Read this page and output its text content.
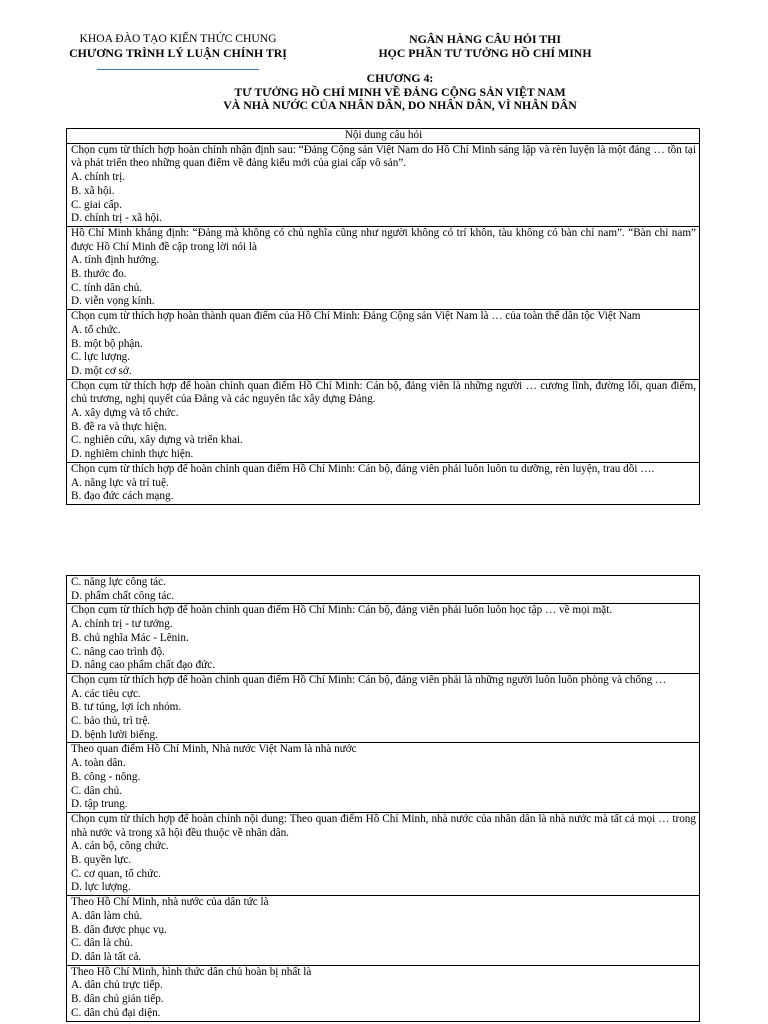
KHOA ĐÀO TẠO KIẾN THỨC CHUNG
CHƯƠNG TRÌNH LÝ LUẬN CHÍNH TRỊ
NGÂN HÀNG CÂU HỎI THI
HỌC PHẦN TƯ TƯỞNG HỒ CHÍ MINH
CHƯƠNG 4:
TƯ TƯỞNG HỒ CHÍ MINH VỀ ĐẢNG CỘNG SẢN VIỆT NAM
VÀ NHÀ NƯỚC CỦA NHÂN DÂN, DO NHÂN DÂN, VÌ NHÂN DÂN
Nội dung câu hỏi

Chọn cụm từ thích hợp hoàn chỉnh nhận định sau: “Đảng Cộng sản Việt Nam do Hồ Chí Minh sáng lập và rèn luyện là một đảng … tồn tại và phát triển theo những quan điểm về đảng kiểu mới của giai cấp vô sản”.
A. chính trị.
B. xã hội.
C. giai cấp.
D. chính trị - xã hội.

Hồ Chí Minh khẳng định: “Đảng mà không có chủ nghĩa cũng như người không có trí khôn, tàu không có bàn chỉ nam”. “Bàn chỉ nam” được Hồ Chí Minh đề cập trong lời nói là
A. tính định hướng.
B. thước đo.
C. tính dân chủ.
D. viễn vọng kính.

Chọn cụm từ thích hợp hoàn thành quan điểm của Hồ Chí Minh: Đảng Cộng sản Việt Nam là … của toàn thể dân tộc Việt Nam
A. tổ chức.
B. một bộ phận.
C. lực lượng.
D. một cơ sở.

Chọn cụm từ thích hợp để hoàn chỉnh quan điểm Hồ Chí Minh: Cán bộ, đảng viên là những người … cương lĩnh, đường lối, quan điểm, chủ trương, nghị quyết của Đảng và các nguyên tắc xây dựng Đảng.
A. xây dựng và tổ chức.
B. đề ra và thực hiện.
C. nghiên cứu, xây dựng và triển khai.
D. nghiêm chỉnh thực hiện.

Chọn cụm từ thích hợp để hoàn chỉnh quan điểm Hồ Chí Minh: Cán bộ, đảng viên phải luôn luôn tu dưỡng, rèn luyện, trau dồi ….
A. năng lực và trí tuệ.
B. đạo đức cách mạng.
C. năng lực công tác.
D. phẩm chất công tác.

Chọn cụm từ thích hợp để hoàn chỉnh quan điểm Hồ Chí Minh: Cán bộ, đảng viên phải luôn luôn học tập … về mọi mặt.
A. chính trị - tư tưởng.
B. chủ nghĩa Mác - Lênin.
C. nâng cao trình độ.
D. nâng cao phẩm chất đạo đức.

Chọn cụm từ thích hợp để hoàn chỉnh quan điểm Hồ Chí Minh: Cán bộ, đảng viên phải là những người luôn luôn phòng và chống …
A. các tiêu cực.
B. tư túng, lợi ích nhóm.
C. bảo thủ, trì trệ.
D. bệnh lười biếng.

Theo quan điểm Hồ Chí Minh, Nhà nước Việt Nam là nhà nước
A. toàn dân.
B. công - nông.
C. dân chủ.
D. tập trung.

Chọn cụm từ thích hợp để hoàn chỉnh nội dung: Theo quan điểm Hồ Chí Minh, nhà nước của nhân dân là nhà nước mà tất cả mọi … trong nhà nước và trong xã hội đều thuộc về nhân dân.
A. cán bộ, công chức.
B. quyền lực.
C. cơ quan, tổ chức.
D. lực lượng.

Theo Hồ Chí Minh, nhà nước của dân tức là
A. dân làm chủ.
B. dân được phục vụ.
C. dân là chủ.
D. dân là tất cả.

Theo Hồ Chí Minh, hình thức dân chủ hoàn bị nhất là
A. dân chủ trực tiếp.
B. dân chủ gián tiếp.
C. dân chủ đại diện.
